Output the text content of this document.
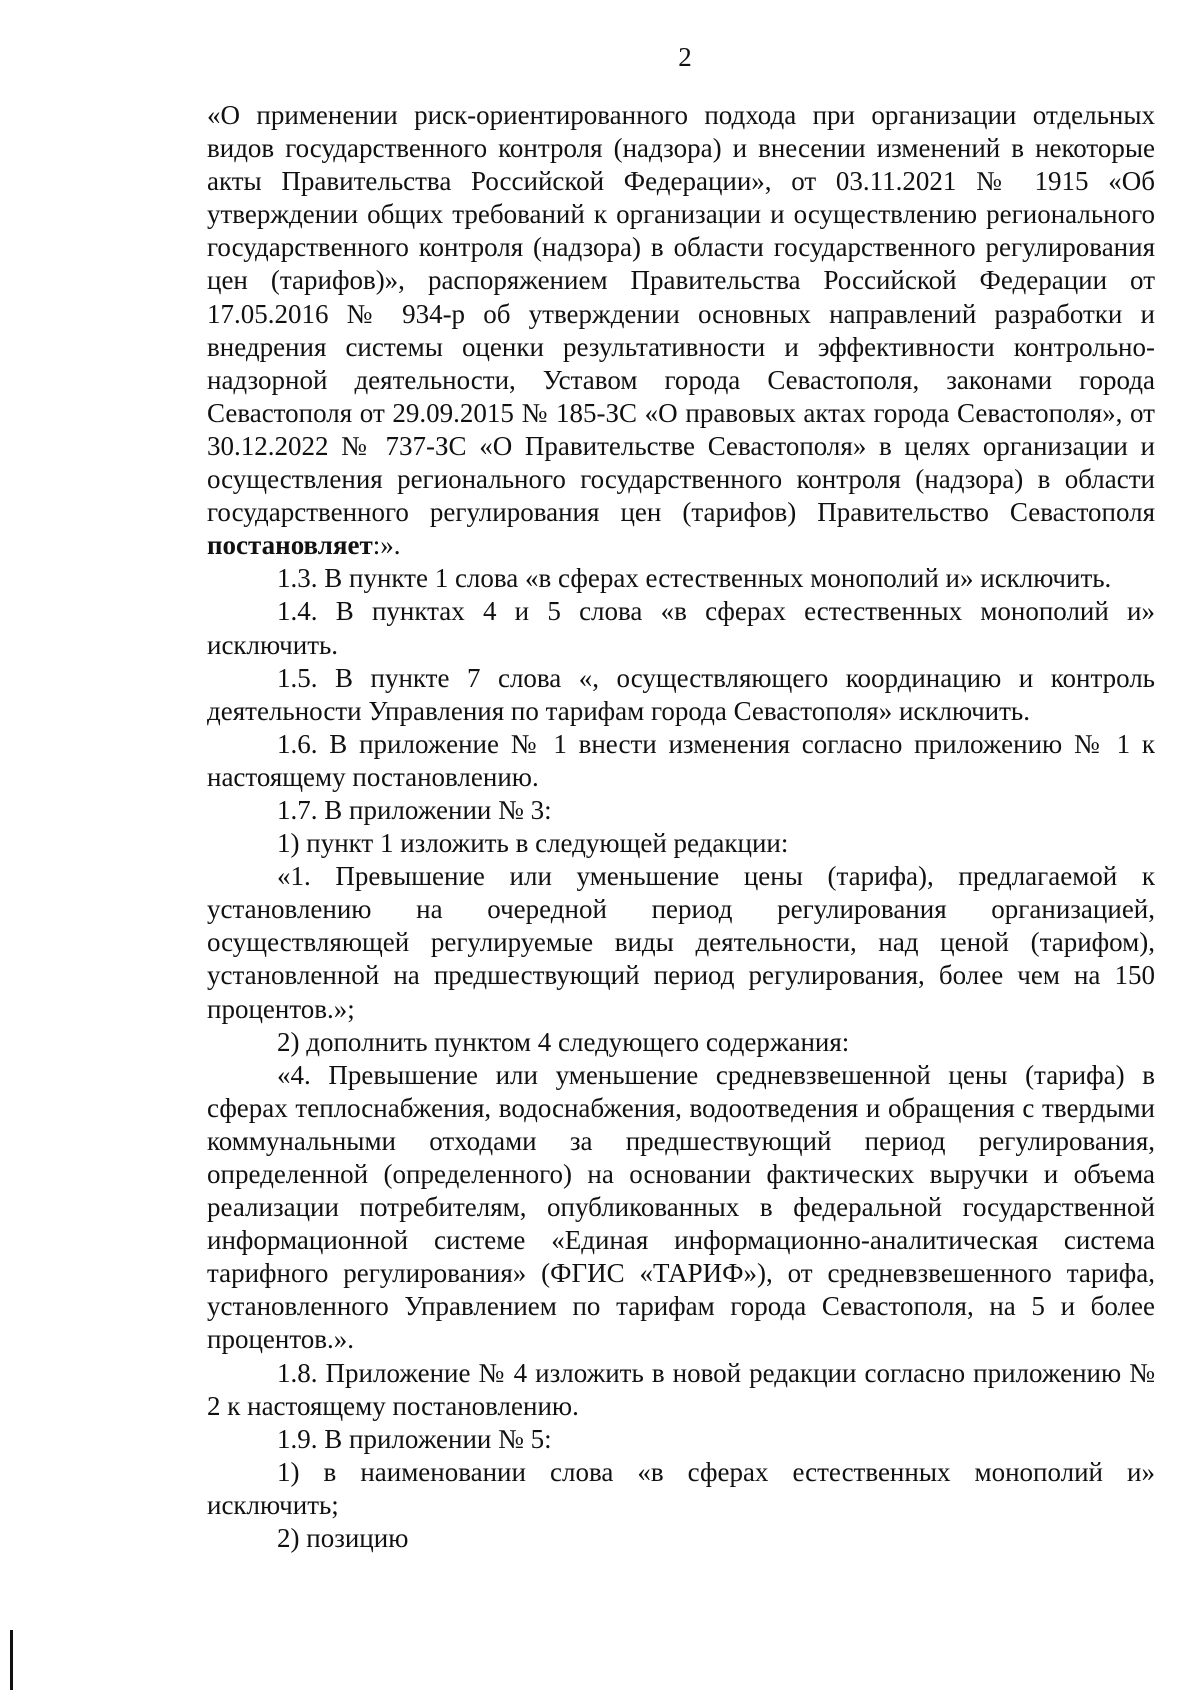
2

«О применении риск-ориентированного подхода при организации отдельных видов государственного контроля (надзора) и внесении изменений в некоторые акты Правительства Российской Федерации», от 03.11.2021 № 1915 «Об утверждении общих требований к организации и осуществлению регионального государственного контроля (надзора) в области государственного регулирования цен (тарифов)», распоряжением Правительства Российской Федерации от 17.05.2016 № 934-р об утверждении основных направлений разработки и внедрения системы оценки результативности и эффективности контрольно-надзорной деятельности, Уставом города Севастополя, законами города Севастополя от 29.09.2015 № 185-ЗС «О правовых актах города Севастополя», от 30.12.2022 № 737-ЗС «О Правительстве Севастополя» в целях организации и осуществления регионального государственного контроля (надзора) в области государственного регулирования цен (тарифов) Правительство Севастополя постановляет:».

1.3. В пункте 1 слова «в сферах естественных монополий и» исключить.

1.4. В пунктах 4 и 5 слова «в сферах естественных монополий и» исключить.

1.5. В пункте 7 слова «, осуществляющего координацию и контроль деятельности Управления по тарифам города Севастополя» исключить.

1.6. В приложение № 1 внести изменения согласно приложению № 1 к настоящему постановлению.

1.7. В приложении № 3:

1) пункт 1 изложить в следующей редакции:

«1. Превышение или уменьшение цены (тарифа), предлагаемой к установлению на очередной период регулирования организацией, осуществляющей регулируемые виды деятельности, над ценой (тарифом), установленной на предшествующий период регулирования, более чем на 150 процентов.»;

2) дополнить пунктом 4 следующего содержания:

«4. Превышение или уменьшение средневзвешенной цены (тарифа) в сферах теплоснабжения, водоснабжения, водоотведения и обращения с твердыми коммунальными отходами за предшествующий период регулирования, определенной (определенного) на основании фактических выручки и объема реализации потребителям, опубликованных в федеральной государственной информационной системе «Единая информационно-аналитическая система тарифного регулирования» (ФГИС «ТАРИФ»), от средневзвешенного тарифа, установленного Управлением по тарифам города Севастополя, на 5 и более процентов.».

1.8. Приложение № 4 изложить в новой редакции согласно приложению № 2 к настоящему постановлению.

1.9. В приложении № 5:

1) в наименовании слова «в сферах естественных монополий и» исключить;

2) позицию
